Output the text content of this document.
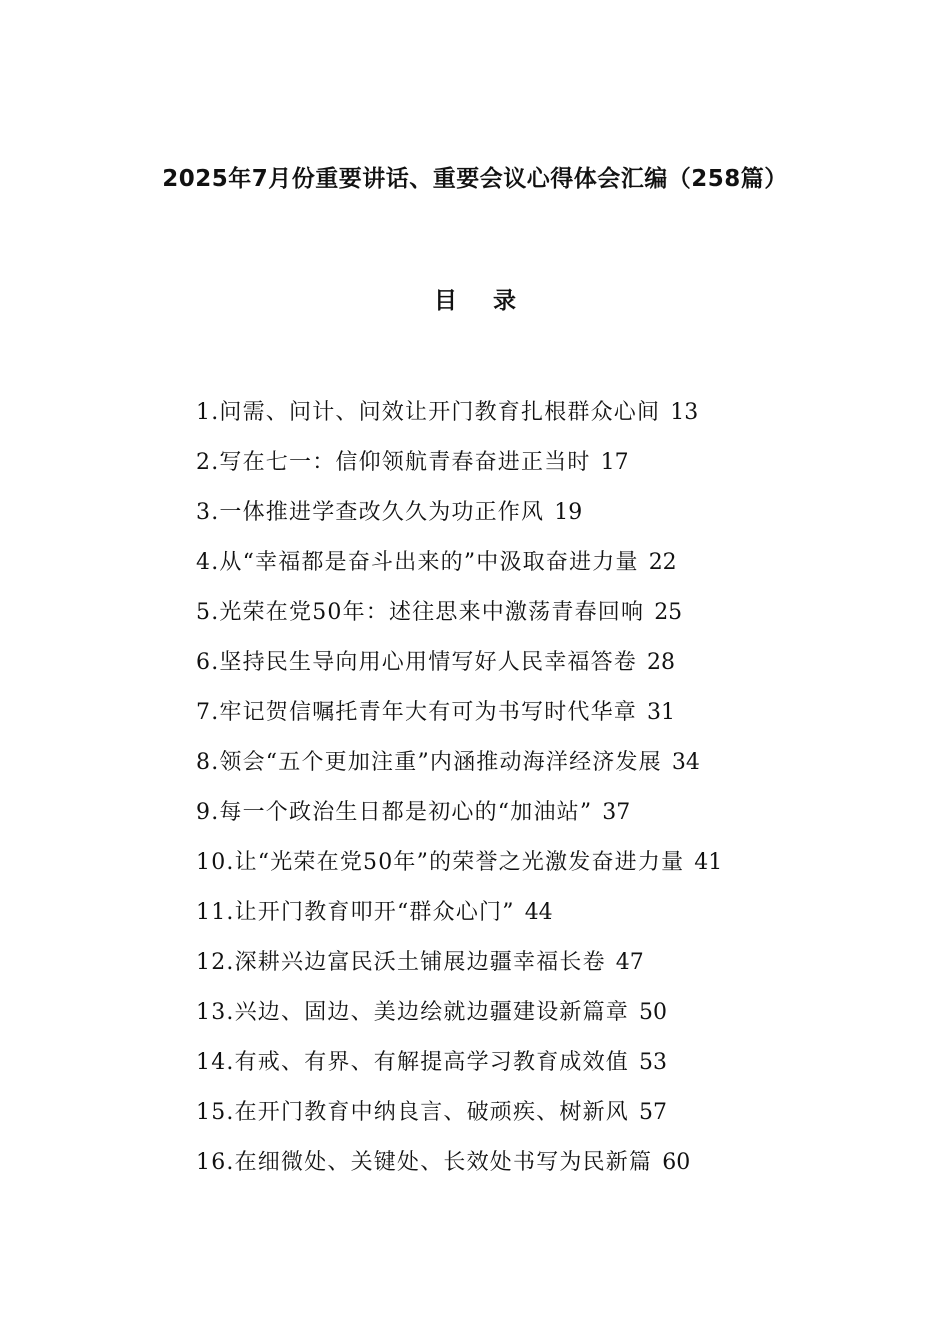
2025年7月份重要讲话、重要会议心得体会汇编（258篇）
目 录
1.问需、问计、问效让开门教育扎根群众心间 13
2.写在七一：信仰领航青春奋进正当时 17
3.一体推进学查改久久为功正作风 19
4.从“幸福都是奋斗出来的”中汲取奋进力量 22
5.光荣在党50年：述往思来中激荡青春回响 25
6.坚持民生导向用心用情写好人民幸福答卷 28
7.牢记贺信嘱托青年大有可为书写时代华章 31
8.领会“五个更加注重”内涵推动海洋经济发展 34
9.每一个政治生日都是初心的“加油站” 37
10.让“光荣在党50年”的荣誉之光激发奋进力量 41
11.让开门教育叩开“群众心门” 44
12.深耕兴边富民沃土铺展边疆幸福长卷 47
13.兴边、固边、美边绘就边疆建设新篇章 50
14.有戒、有界、有解提高学习教育成效值 53
15.在开门教育中纳良言、破顽疾、树新风 57
16.在细微处、关键处、长效处书写为民新篇 60
